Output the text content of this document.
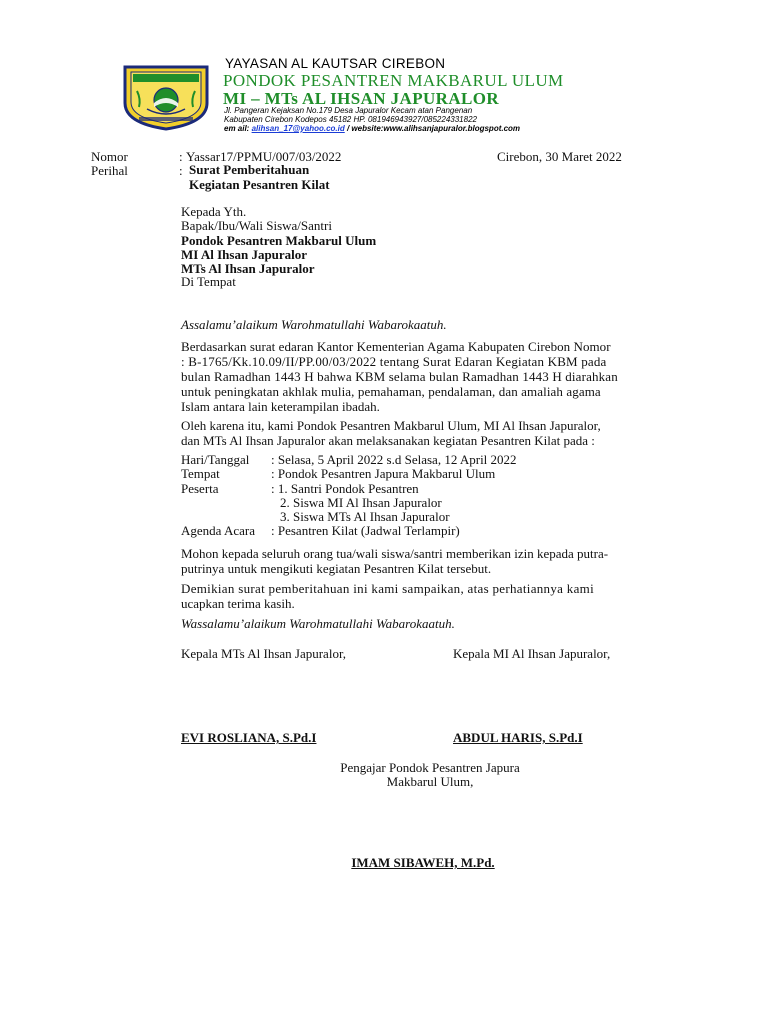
YAYASAN AL KAUTSAR CIREBON
PONDOK PESANTREN MAKBARUL ULUM
MI – MTs AL IHSAN JAPURALOR
Jl. Pangeran Kejaksan No.179 Desa Japuralor Kecam atan Pangenan
Kabupaten Cirebon Kodepos 45182 HP. 081946943927/085224331822
em ail: alihsan_17@yahoo.co.id / website:www.alihsanjapuralor.blogspot.com
Nomor	: Yassar17/PPMU/007/03/2022	Cirebon, 30 Maret 2022
Perihal	: Surat Pemberitahuan
Kegiatan Pesantren Kilat
Kepada Yth.
Bapak/Ibu/Wali Siswa/Santri
Pondok Pesantren Makbarul Ulum
MI Al Ihsan Japuralor
MTs Al Ihsan Japuralor
Di Tempat
Assalamu’alaikum Warohmatullahi Wabarokaatuh.
Berdasarkan surat edaran Kantor Kementerian Agama Kabupaten Cirebon Nomor
: B-1765/Kk.10.09/II/PP.00/03/2022 tentang Surat Edaran Kegiatan KBM pada
bulan Ramadhan 1443 H bahwa KBM selama bulan Ramadhan 1443 H diarahkan
untuk peningkatan akhlak mulia, pemahaman, pendalaman, dan amaliah agama
Islam antara lain keterampilan ibadah.
Oleh karena itu, kami Pondok Pesantren Makbarul Ulum, MI Al Ihsan Japuralor,
dan MTs Al Ihsan Japuralor akan melaksanakan kegiatan Pesantren Kilat pada :
Hari/Tanggal : Selasa, 5 April 2022 s.d Selasa, 12 April 2022
Tempat	: Pondok Pesantren Japura Makbarul Ulum
Peserta	: 1. Santri Pondok Pesantren
2. Siswa MI Al Ihsan Japuralor
3. Siswa MTs Al Ihsan Japuralor
Agenda Acara : Pesantren Kilat (Jadwal Terlampir)
Mohon kepada seluruh orang tua/wali siswa/santri memberikan izin kepada putra-
putrinya untuk mengikuti kegiatan Pesantren Kilat tersebut.
Demikian surat pemberitahuan ini kami sampaikan, atas perhatiannya kami
ucapkan terima kasih.
Wassalamu’alaikum Warohmatullahi Wabarokaatuh.
Kepala MTs Al Ihsan Japuralor,	Kepala MI Al Ihsan Japuralor,
EVI ROSLIANA, S.Pd.I	ABDUL HARIS, S.Pd.I
Pengajar Pondok Pesantren Japura
Makbarul Ulum,
IMAM SIBAWEH, M.Pd.
